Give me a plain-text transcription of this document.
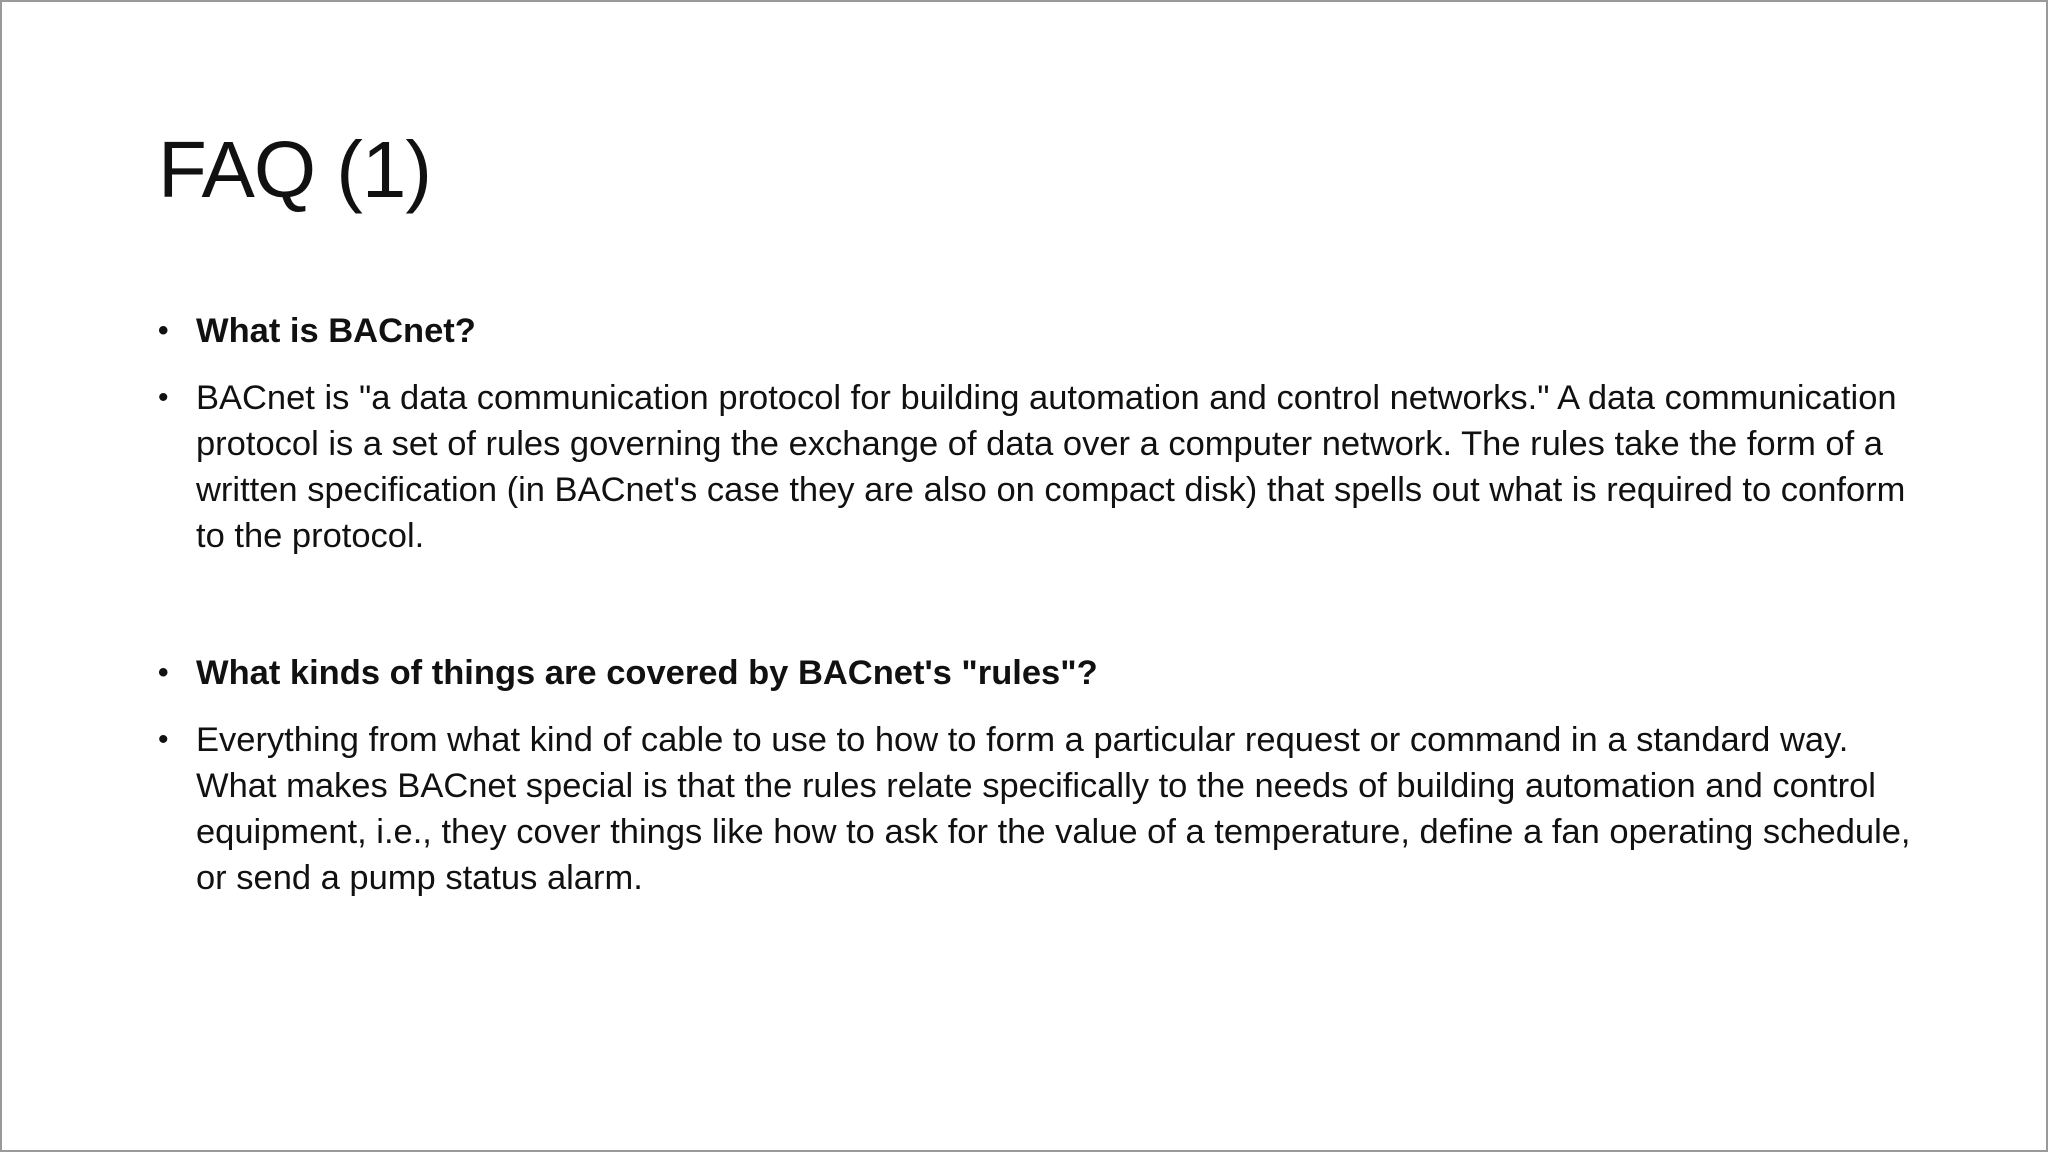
FAQ (1)
• What is BACnet?
• BACnet is "a data communication protocol for building automation and control networks." A data communication protocol is a set of rules governing the exchange of data over a computer network. The rules take the form of a written specification (in BACnet's case they are also on compact disk) that spells out what is required to conform to the protocol.
• What kinds of things are covered by BACnet's "rules"?
• Everything from what kind of cable to use to how to form a particular request or command in a standard way. What makes BACnet special is that the rules relate specifically to the needs of building automation and control equipment, i.e., they cover things like how to ask for the value of a temperature, define a fan operating schedule, or send a pump status alarm.
